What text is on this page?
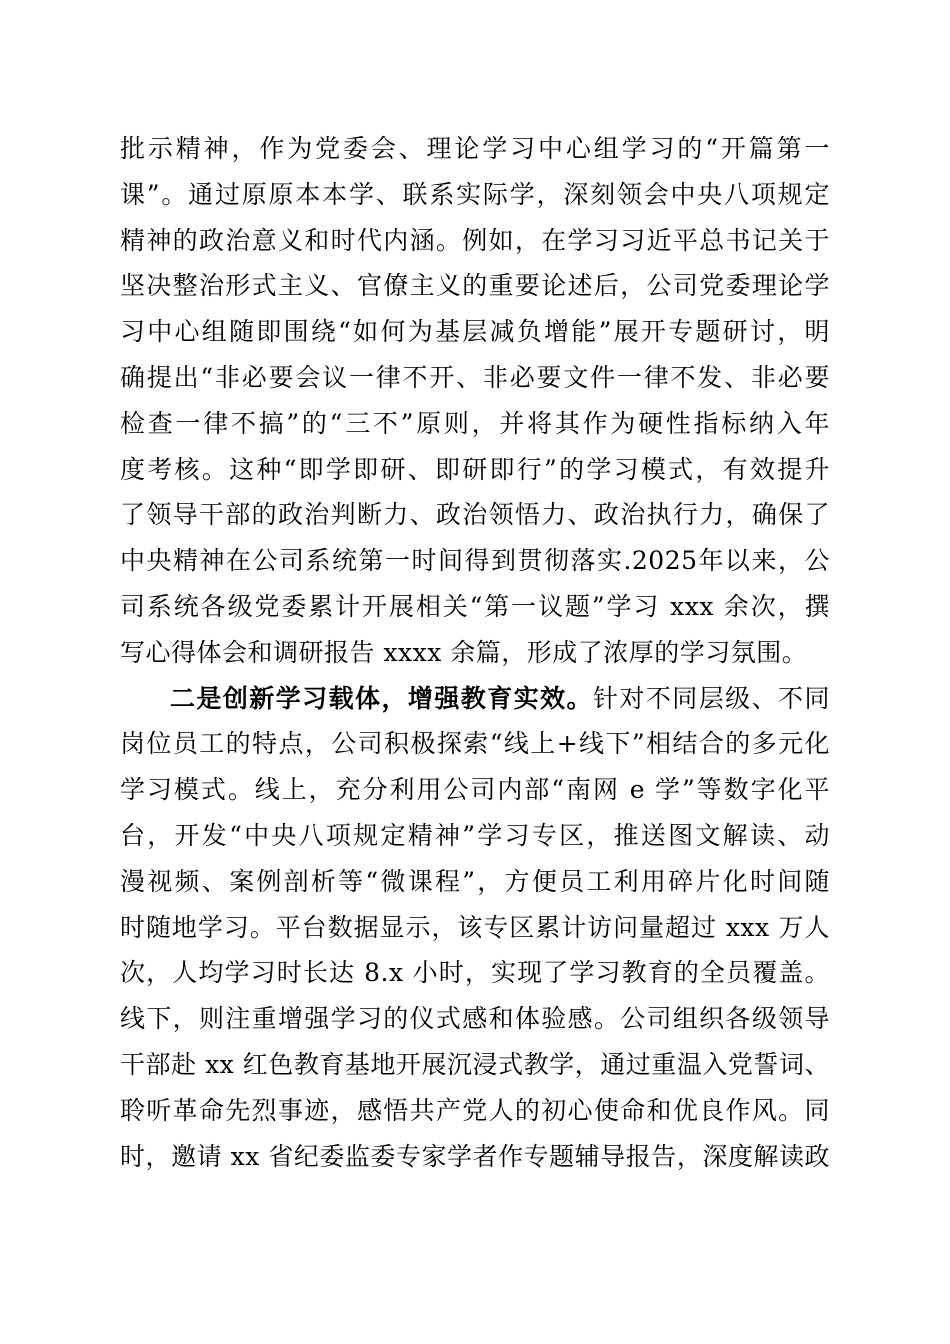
批示精神，作为党委会、理论学习中心组学习的“开篇第一
课”。通过原原本本学、联系实际学，深刻领会中央八项规定
精神的政治意义和时代内涵。例如，在学习习近平总书记关于
坚决整治形式主义、官僚主义的重要论述后，公司党委理论学
习中心组随即围绕“如何为基层减负增能”展开专题研讨，明
确提出“非必要会议一律不开、非必要文件一律不发、非必要
检查一律不搞”的“三不”原则，并将其作为硬性指标纳入年
度考核。这种“即学即研、即研即行”的学习模式，有效提升
了领导干部的政治判断力、政治领悟力、政治执行力，确保了
中央精神在公司系统第一时间得到贯彻落实.2025年以来，公
司系统各级党委累计开展相关“第一议题”学习 xxx 余次，撰
写心得体会和调研报告 xxxx 余篇，形成了浓厚的学习氛围。
二是创新学习载体，增强教育实效。针对不同层级、不同
岗位员工的特点，公司积极探索“线上+线下”相结合的多元化
学习模式。线上，充分利用公司内部“南网 e 学”等数字化平
台，开发“中央八项规定精神”学习专区，推送图文解读、动
漫视频、案例剖析等“微课程”，方便员工利用碎片化时间随
时随地学习。平台数据显示，该专区累计访问量超过 xxx 万人
次，人均学习时长达 8.x 小时，实现了学习教育的全员覆盖。
线下，则注重增强学习的仪式感和体验感。公司组织各级领导
干部赴 xx 红色教育基地开展沉浸式教学，通过重温入党誓词、
聆听革命先烈事迹，感悟共产党人的初心使命和优良作风。同
时，邀请 xx 省纪委监委专家学者作专题辅导报告，深度解读政
